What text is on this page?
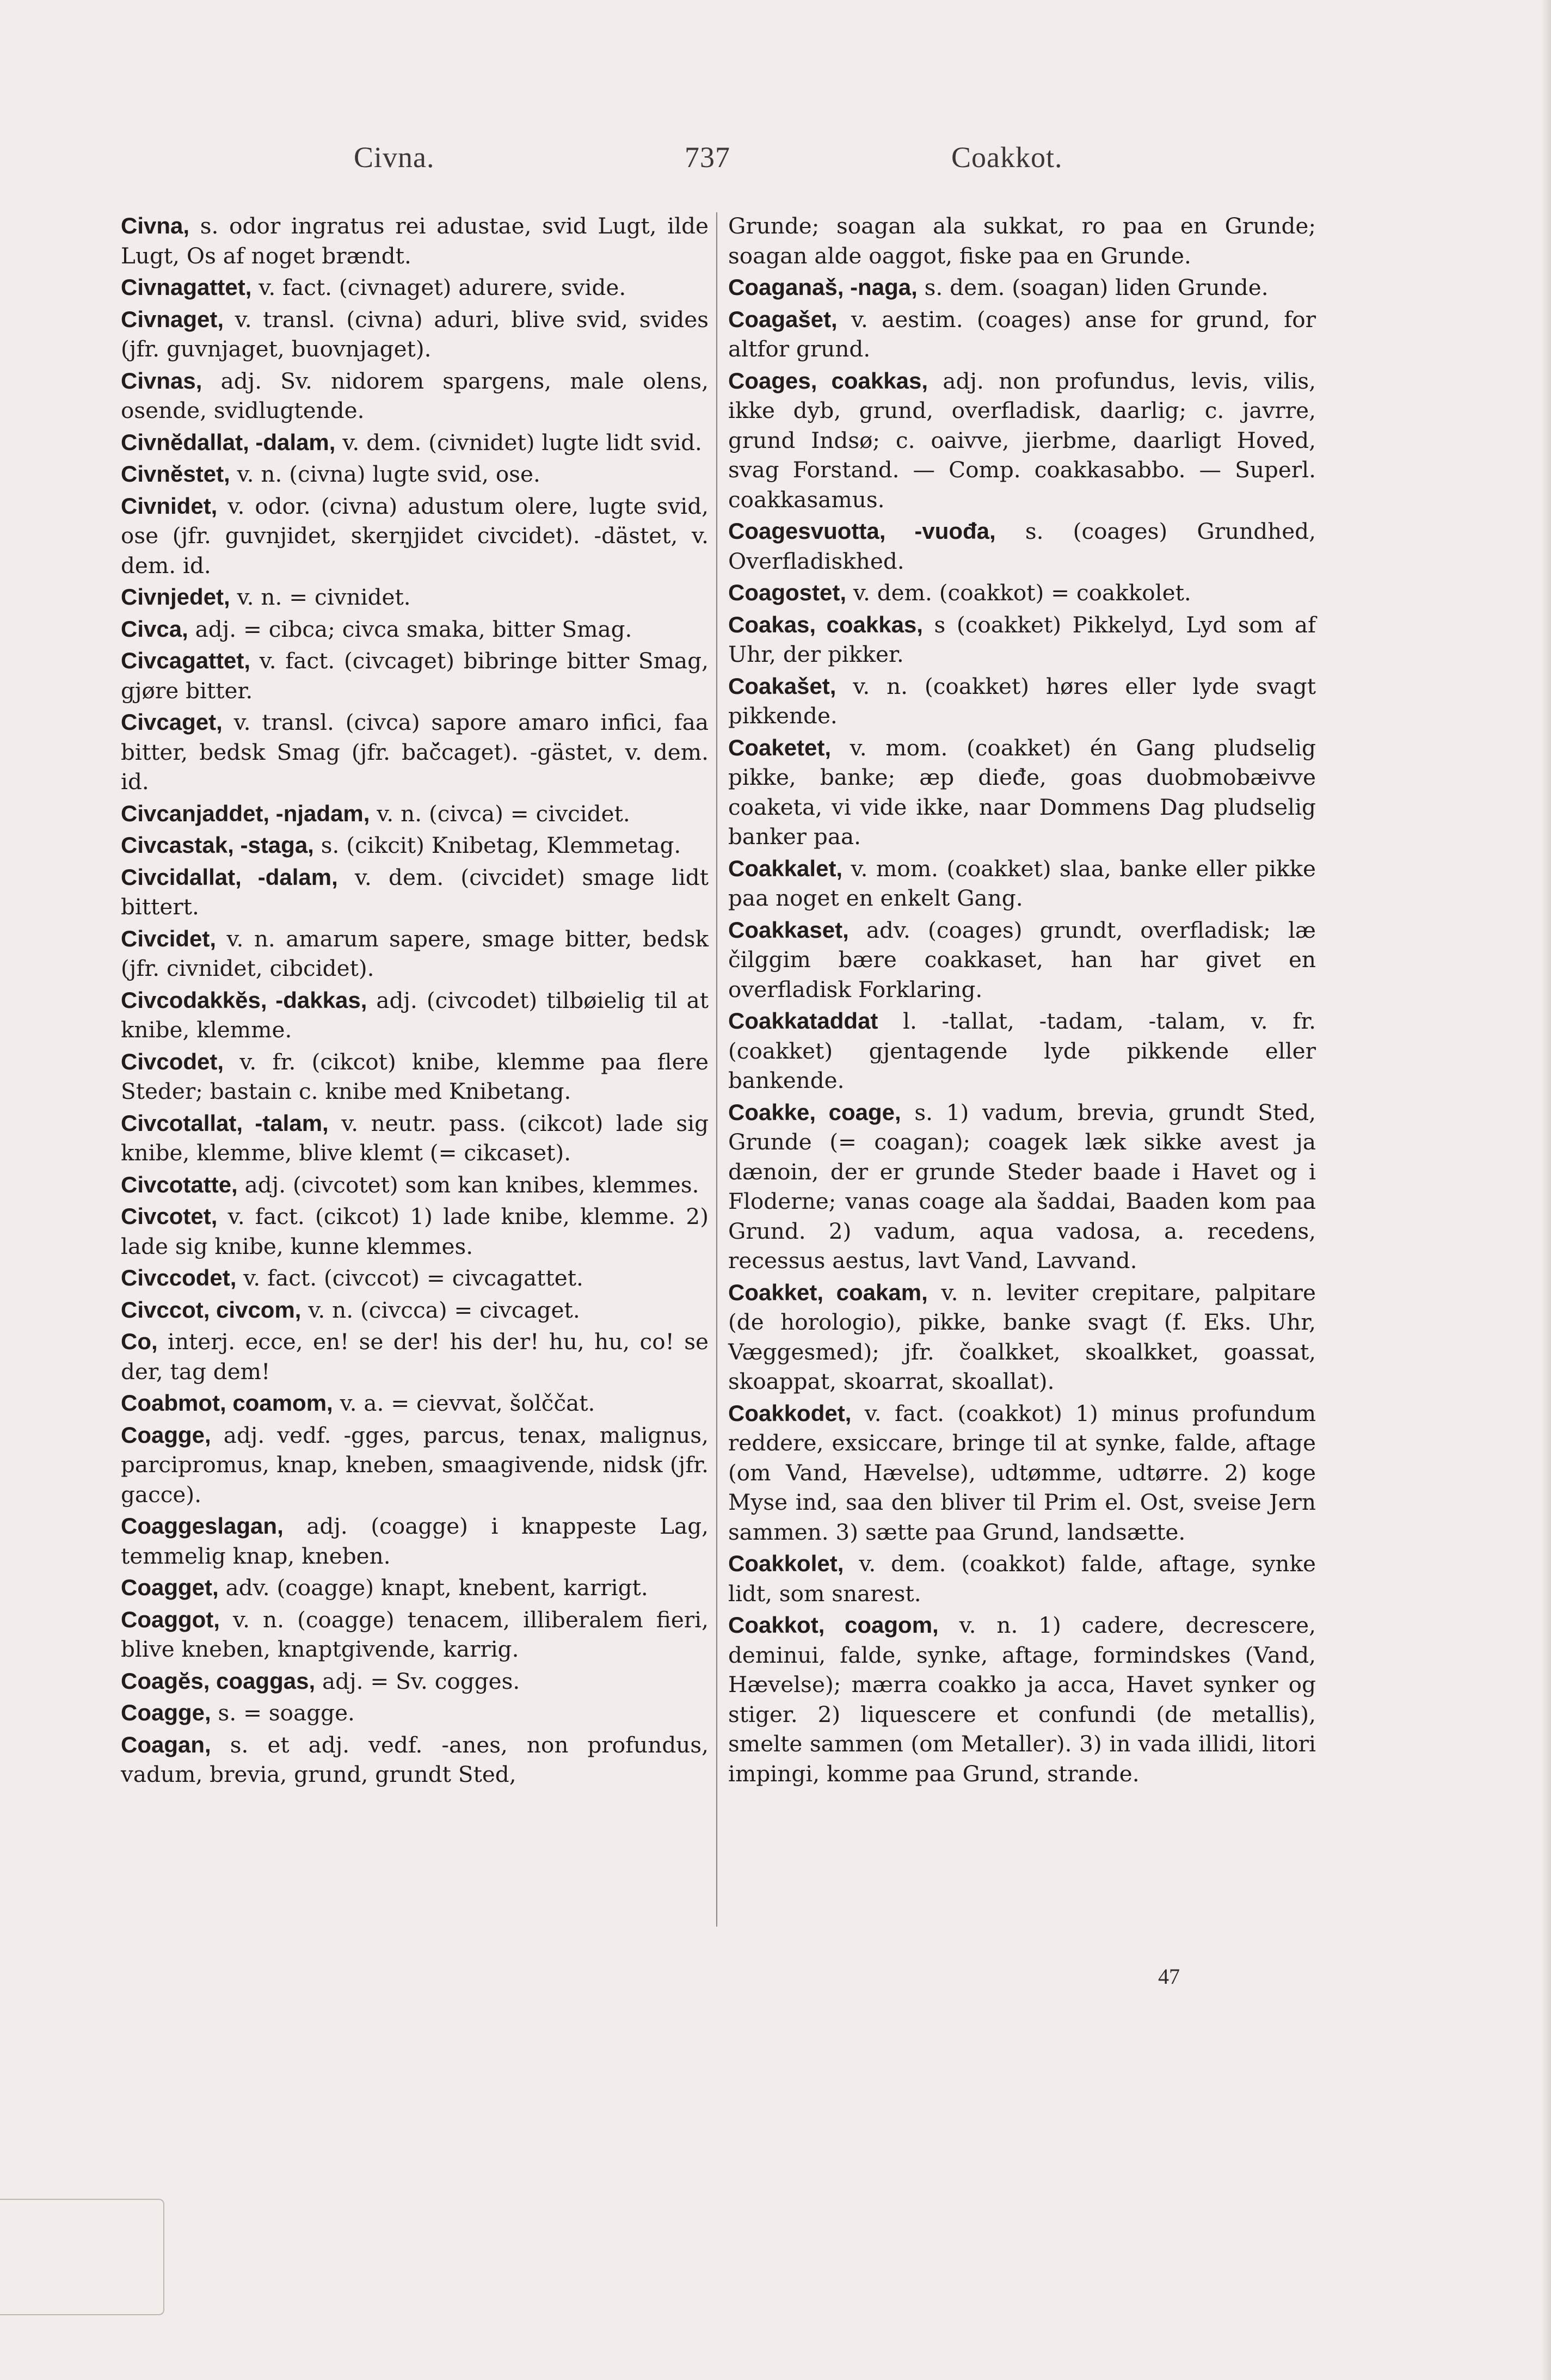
Civna.	737	Coakkot.

Civna, s. odor ingratus rei adustae, svid Lugt, ilde Lugt, Os af noget brændt.

Civnagattet, v. fact. (civnaget) adurere, svide.

Civnaget, v. transl. (civna) aduri, blive svid, svides (jfr. guvnjaget, buovnjaget).

Civnas, adj. Sv. nidorem spargens, male olens, osende, svidlugtende.

Civnĕdallat, -dalam, v. dem. (civnidet) lugte lidt svid.

Civnĕstet, v. n. (civna) lugte svid, ose.

Civnidet, v. odor. (civna) adustum olere, lugte svid, ose (jfr. guvnjidet, skerŋjidet civcidet). -dästet, v. dem. id.

Civnjedet, v. n. = civnidet.

Civca, adj. = cibca; civca smaka, bitter Smag.

Civcagattet, v. fact. (civcaget) bibringe bitter Smag, gjøre bitter.

Civcaget, v. transl. (civca) sapore amaro infici, faa bitter, bedsk Smag (jfr. bač̆caget). -gästet, v. dem. id.

Civcanjaddet, -njadam, v. n. (civca) = civcidet.

Civcastak, -staga, s. (cikcit) Knibetag, Klemmetag.

Civcidallat, -dalam, v. dem. (civcidet) smage lidt bittert.

Civcidet, v. n. amarum sapere, smage bitter, bedsk (jfr. civnidet, cibcidet).

Civcodakkĕs, -dakkas, adj. (civcodet) tilbøielig til at knibe, klemme.

Civcodet, v. fr. (cikcot) knibe, klemme paa flere Steder; bastain c. knibe med Knibetang.

Civcotallat, -talam, v. neutr. pass. (cikcot) lade sig knibe, klemme, blive klemt (= cikcaset).

Civcotatte, adj. (civcotet) som kan knibes, klemmes.

Civcotet, v. fact. (cikcot) 1) lade knibe, klemme. 2) lade sig knibe, kunne klemmes.

Civccodet, v. fact. (civccot) = civcagattet.

Civccot, civcom, v. n. (civcca) = civcaget.

Co, interj. ecce, en! se der! his der! hu, hu, co! se der, tag dem!

Coabmot, coamom, v. a. = cievvat, šolččat.

Coagge, adj. vedf. -gges, parcus, tenax, malignus, parcipromus, knap, kneben, smaagivende, nidsk (jfr. gacce).

Coaggeslagan, adj. (coagge) i knappeste Lag, temmelig knap, kneben.

Coagget, adv. (coagge) knapt, knebent, karrigt.

Coaggot, v. n. (coagge) tenacem, illiberalem fieri, blive kneben, knaptgivende, karrig.

Coagĕs, coaggas, adj. = Sv. coggеs.

Coagge, s. = soagge.

Coagan, s. et adj. vedf. -anes, non profundus, vadum, brevia, grund, grundt Sted,

Grunde; soagan ala sukkat, ro paa en Grunde; soagan alde oaggot, fiske paa en Grunde.

Coaganaš, -naga, s. dem. (soagan) liden Grunde.

Coagašet, v. aestim. (coages) anse for grund, for altfor grund.

Coages, coakkas, adj. non profundus, levis, vilis, ikke dyb, grund, overfladisk, daarlig; c. javrre, grund Indsø; c. oaivve, jierbme, daarligt Hoved, svag Forstand. — Comp. coakkasabbo. — Superl. coakkasamus.

Coagesvuotta, -vuođa, s. (coages) Grundhed, Overfladiskhed.

Coagostet, v. dem. (coakkot) = coakkolet.

Coakas, coakkas, s (coakket) Pikkelyd, Lyd som af Uhr, der pikker.

Coakašet, v. n. (coakket) høres eller lyde svagt pikkende.

Coaketet, v. mom. (coakket) én Gang pludselig pikke, banke; æp dieđe, goas duobmobæivve coaketa, vi vide ikke, naar Dommens Dag pludselig banker paa.

Coakkalet, v. mom. (coakket) slaa, banke eller pikke paa noget en enkelt Gang.

Coakkaset, adv. (coages) grundt, overfladisk; læ čilggim bære coakkaset, han har givet en overfladisk Forklaring.

Coakkataddat l. -tallat, -tadam, -talam, v. fr. (coakket) gjentagende lyde pikkende eller bankende.

Coakke, coage, s. 1) vadum, brevia, grundt Sted, Grunde (= coagan); coagek læk sikke avest ja dænoin, der er grunde Steder baade i Havet og i Floderne; vanas coage ala šaddai, Baaden kom paa Grund. 2) vadum, aqua vadosa, a. recedens, recessus aestus, lavt Vand, Lavvand.

Coakket, coakam, v. n. leviter crepitare, palpitare (de horologio), pikke, banke svagt (f. Eks. Uhr, Væggesmed); jfr. čoalkket, skoalkket, goassat, skoappat, skoarrat, skoallat).

Coakkodet, v. fact. (coakkot) 1) minus profundum reddere, exsiccare, bringe til at synke, falde, aftage (om Vand, Hævelse), udtømme, udtørre. 2) koge Myse ind, saa den bliver til Prim el. Ost, sveise Jern sammen. 3) sætte paa Grund, landsætte.

Coakkolet, v. dem. (coakkot) falde, aftage, synke lidt, som snarest.

Coakkot, coagom, v. n. 1) cadere, decrescere, deminui, falde, synke, aftage, formindskes (Vand, Hævelse); mærra coakko ja acca, Havet synker og stiger. 2) liquescere et confundi (de metallis), smelte sammen (om Metaller). 3) in vada illidi, litori impingi, komme paa Grund, strande.

47
